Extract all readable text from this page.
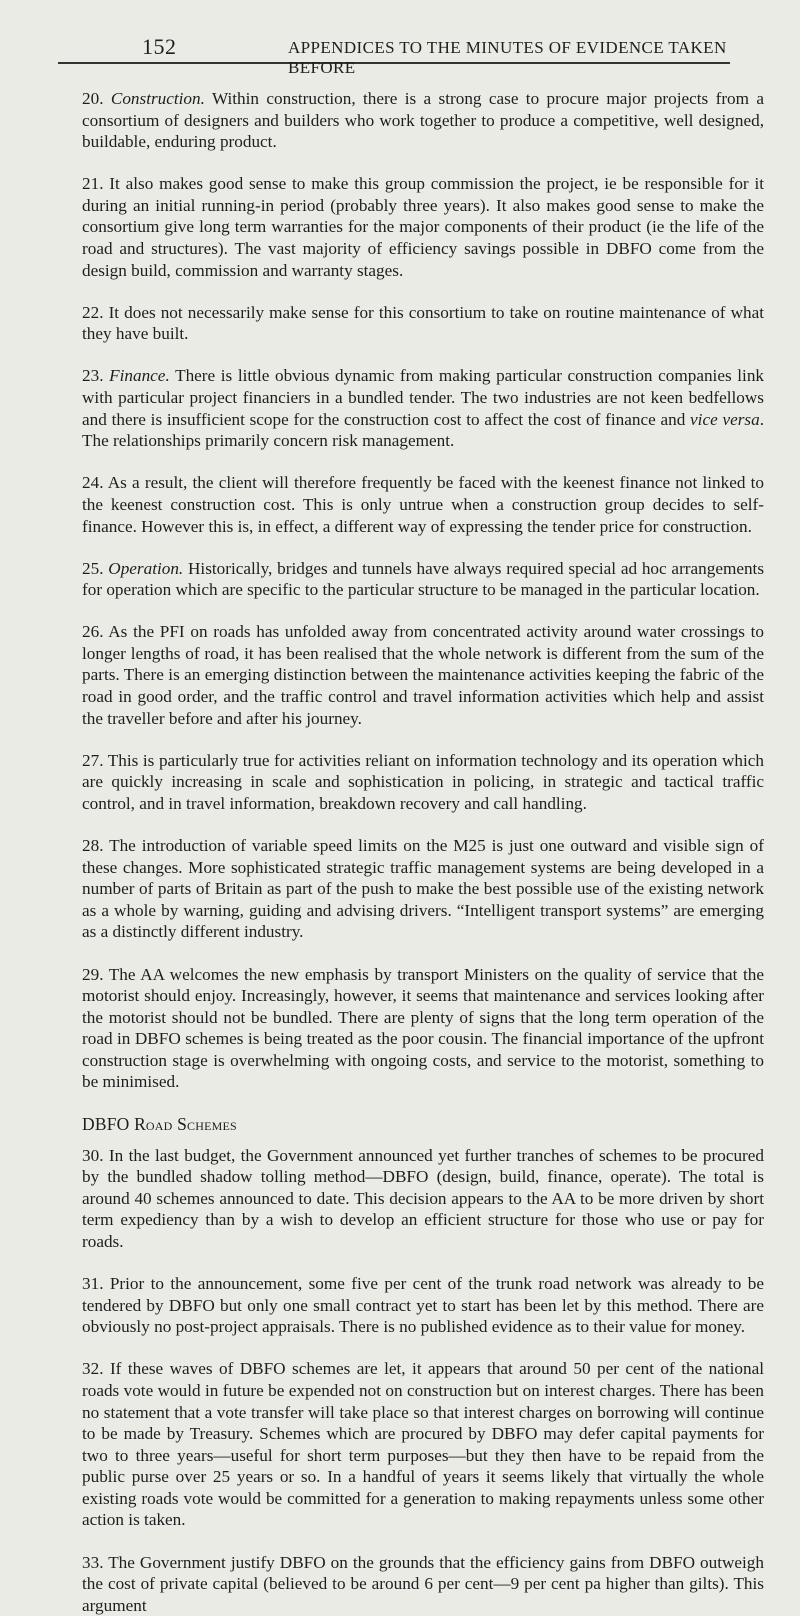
152	APPENDICES TO THE MINUTES OF EVIDENCE TAKEN BEFORE

20. Construction. Within construction, there is a strong case to procure major projects from a consortium of designers and builders who work together to produce a competitive, well designed, buildable, enduring product.

21. It also makes good sense to make this group commission the project, ie be responsible for it during an initial running-in period (probably three years). It also makes good sense to make the consortium give long term warranties for the major components of their product (ie the life of the road and structures). The vast majority of efficiency savings possible in DBFO come from the design build, commission and warranty stages.

22. It does not necessarily make sense for this consortium to take on routine maintenance of what they have built.

23. Finance. There is little obvious dynamic from making particular construction companies link with particular project financiers in a bundled tender. The two industries are not keen bedfellows and there is insufficient scope for the construction cost to affect the cost of finance and vice versa. The relationships primarily concern risk management.

24. As a result, the client will therefore frequently be faced with the keenest finance not linked to the keenest construction cost. This is only untrue when a construction group decides to self-finance. However this is, in effect, a different way of expressing the tender price for construction.

25. Operation. Historically, bridges and tunnels have always required special ad hoc arrangements for operation which are specific to the particular structure to be managed in the particular location.

26. As the PFI on roads has unfolded away from concentrated activity around water crossings to longer lengths of road, it has been realised that the whole network is different from the sum of the parts. There is an emerging distinction between the maintenance activities keeping the fabric of the road in good order, and the traffic control and travel information activities which help and assist the traveller before and after his journey.

27. This is particularly true for activities reliant on information technology and its operation which are quickly increasing in scale and sophistication in policing, in strategic and tactical traffic control, and in travel information, breakdown recovery and call handling.

28. The introduction of variable speed limits on the M25 is just one outward and visible sign of these changes. More sophisticated strategic traffic management systems are being developed in a number of parts of Britain as part of the push to make the best possible use of the existing network as a whole by warning, guiding and advising drivers. “Intelligent transport systems” are emerging as a distinctly different industry.

29. The AA welcomes the new emphasis by transport Ministers on the quality of service that the motorist should enjoy. Increasingly, however, it seems that maintenance and services looking after the motorist should not be bundled. There are plenty of signs that the long term operation of the road in DBFO schemes is being treated as the poor cousin. The financial importance of the upfront construction stage is overwhelming with ongoing costs, and service to the motorist, something to be minimised.

DBFO Road Schemes

30. In the last budget, the Government announced yet further tranches of schemes to be procured by the bundled shadow tolling method—DBFO (design, build, finance, operate). The total is around 40 schemes announced to date. This decision appears to the AA to be more driven by short term expediency than by a wish to develop an efficient structure for those who use or pay for roads.

31. Prior to the announcement, some five per cent of the trunk road network was already to be tendered by DBFO but only one small contract yet to start has been let by this method. There are obviously no post-project appraisals. There is no published evidence as to their value for money.

32. If these waves of DBFO schemes are let, it appears that around 50 per cent of the national roads vote would in future be expended not on construction but on interest charges. There has been no statement that a vote transfer will take place so that interest charges on borrowing will continue to be made by Treasury. Schemes which are procured by DBFO may defer capital payments for two to three years—useful for short term purposes—but they then have to be repaid from the public purse over 25 years or so. In a handful of years it seems likely that virtually the whole existing roads vote would be committed for a generation to making repayments unless some other action is taken.

33. The Government justify DBFO on the grounds that the efficiency gains from DBFO outweigh the cost of private capital (believed to be around 6 per cent—9 per cent pa higher than gilts). This argument
